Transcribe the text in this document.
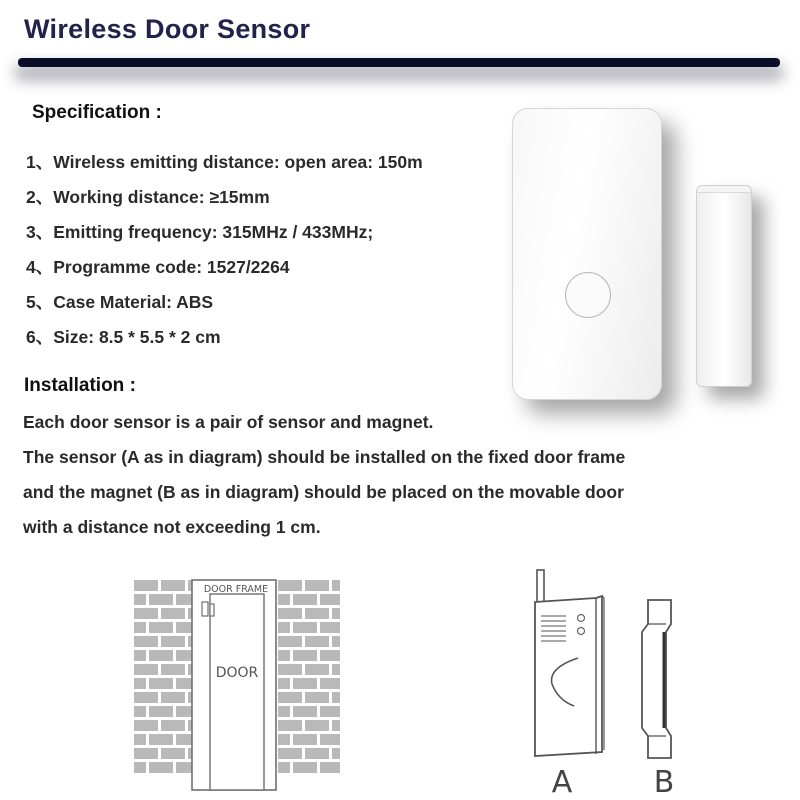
Wireless Door Sensor
Specification :
1、Wireless emitting distance: open area: 150m
2、Working distance: ≥15mm
3、Emitting frequency: 315MHz / 433MHz;
4、Programme code: 1527/2264
5、Case Material: ABS
6、Size: 8.5 * 5.5 * 2 cm
Installation :
Each door sensor is a pair of sensor and magnet.
The sensor (A as in diagram) should be installed on the fixed door frame
and the magnet (B as in diagram) should be placed on the movable door
with a distance not exceeding 1 cm.
DOOR FRAME
DOOR
A	B
